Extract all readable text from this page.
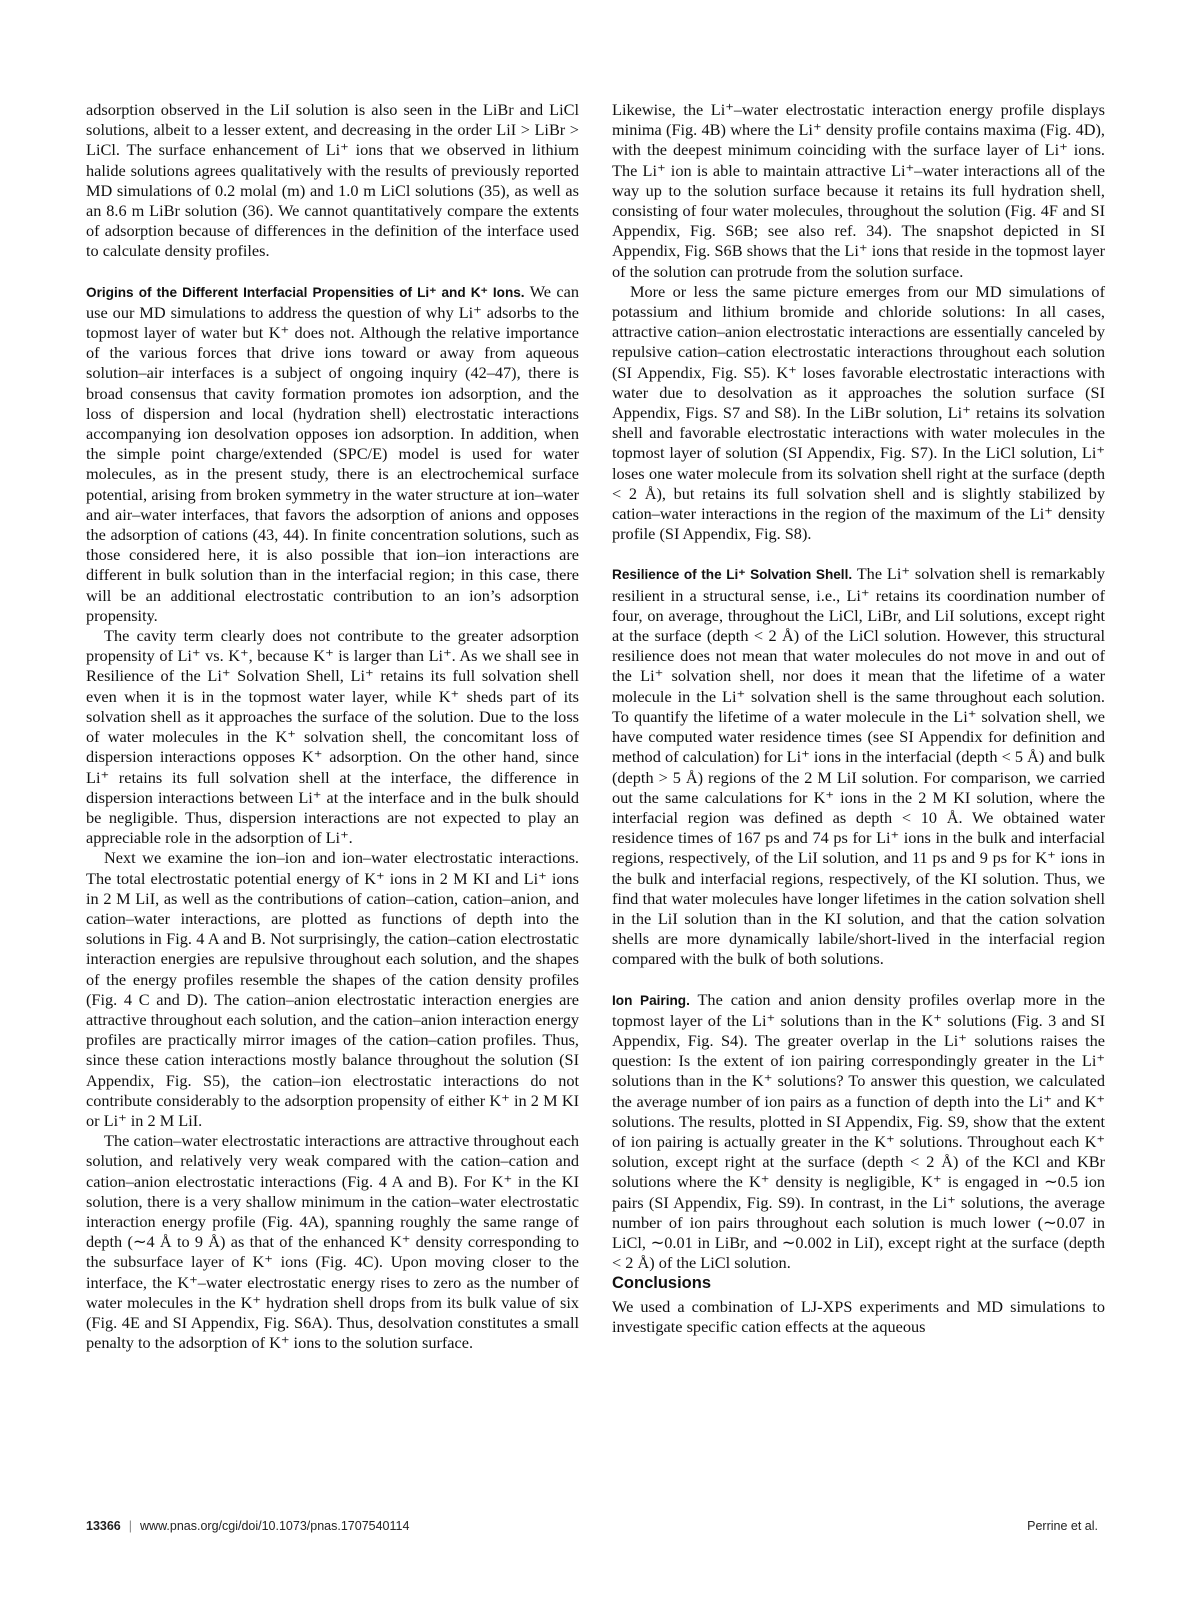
adsorption observed in the LiI solution is also seen in the LiBr and LiCl solutions, albeit to a lesser extent, and decreasing in the order LiI > LiBr > LiCl. The surface enhancement of Li⁺ ions that we observed in lithium halide solutions agrees qualitatively with the results of previously reported MD simulations of 0.2 molal (m) and 1.0 m LiCl solutions (35), as well as an 8.6 m LiBr solution (36). We cannot quantitatively compare the extents of adsorption because of differences in the definition of the interface used to calculate density profiles.

Origins of the Different Interfacial Propensities of Li⁺ and K⁺ Ions. We can use our MD simulations to address the question of why Li⁺ adsorbs to the topmost layer of water but K⁺ does not. Although the relative importance of the various forces that drive ions toward or away from aqueous solution–air interfaces is a subject of ongoing inquiry (42–47), there is broad consensus that cavity formation promotes ion adsorption, and the loss of dispersion and local (hydration shell) electrostatic interactions accompanying ion desolvation opposes ion adsorption. In addition, when the simple point charge/extended (SPC/E) model is used for water molecules, as in the present study, there is an electrochemical surface potential, arising from broken symmetry in the water structure at ion–water and air–water interfaces, that favors the adsorption of anions and opposes the adsorption of cations (43, 44). In finite concentration solutions, such as those considered here, it is also possible that ion–ion interactions are different in bulk solution than in the interfacial region; in this case, there will be an additional electrostatic contribution to an ion’s adsorption propensity.

The cavity term clearly does not contribute to the greater adsorption propensity of Li⁺ vs. K⁺, because K⁺ is larger than Li⁺. As we shall see in Resilience of the Li⁺ Solvation Shell, Li⁺ retains its full solvation shell even when it is in the topmost water layer, while K⁺ sheds part of its solvation shell as it approaches the surface of the solution. Due to the loss of water molecules in the K⁺ solvation shell, the concomitant loss of dispersion interactions opposes K⁺ adsorption. On the other hand, since Li⁺ retains its full solvation shell at the interface, the difference in dispersion interactions between Li⁺ at the interface and in the bulk should be negligible. Thus, dispersion interactions are not expected to play an appreciable role in the adsorption of Li⁺.

Next we examine the ion–ion and ion–water electrostatic interactions. The total electrostatic potential energy of K⁺ ions in 2 M KI and Li⁺ ions in 2 M LiI, as well as the contributions of cation–cation, cation–anion, and cation–water interactions, are plotted as functions of depth into the solutions in Fig. 4 A and B. Not surprisingly, the cation–cation electrostatic interaction energies are repulsive throughout each solution, and the shapes of the energy profiles resemble the shapes of the cation density profiles (Fig. 4 C and D). The cation–anion electrostatic interaction energies are attractive throughout each solution, and the cation–anion interaction energy profiles are practically mirror images of the cation–cation profiles. Thus, since these cation interactions mostly balance throughout the solution (SI Appendix, Fig. S5), the cation–ion electrostatic interactions do not contribute considerably to the adsorption propensity of either K⁺ in 2 M KI or Li⁺ in 2 M LiI.

The cation–water electrostatic interactions are attractive throughout each solution, and relatively very weak compared with the cation–cation and cation–anion electrostatic interactions (Fig. 4 A and B). For K⁺ in the KI solution, there is a very shallow minimum in the cation–water electrostatic interaction energy profile (Fig. 4A), spanning roughly the same range of depth (∼4 Å to 9 Å) as that of the enhanced K⁺ density corresponding to the subsurface layer of K⁺ ions (Fig. 4C). Upon moving closer to the interface, the K⁺–water electrostatic energy rises to zero as the number of water molecules in the K⁺ hydration shell drops from its bulk value of six (Fig. 4E and SI Appendix, Fig. S6A). Thus, desolvation constitutes a small penalty to the adsorption of K⁺ ions to the solution surface.

Likewise, the Li⁺–water electrostatic interaction energy profile displays minima (Fig. 4B) where the Li⁺ density profile contains maxima (Fig. 4D), with the deepest minimum coinciding with the surface layer of Li⁺ ions. The Li⁺ ion is able to maintain attractive Li⁺–water interactions all of the way up to the solution surface because it retains its full hydration shell, consisting of four water molecules, throughout the solution (Fig. 4F and SI Appendix, Fig. S6B; see also ref. 34). The snapshot depicted in SI Appendix, Fig. S6B shows that the Li⁺ ions that reside in the topmost layer of the solution can protrude from the solution surface.

More or less the same picture emerges from our MD simulations of potassium and lithium bromide and chloride solutions: In all cases, attractive cation–anion electrostatic interactions are essentially canceled by repulsive cation–cation electrostatic interactions throughout each solution (SI Appendix, Fig. S5). K⁺ loses favorable electrostatic interactions with water due to desolvation as it approaches the solution surface (SI Appendix, Figs. S7 and S8). In the LiBr solution, Li⁺ retains its solvation shell and favorable electrostatic interactions with water molecules in the topmost layer of solution (SI Appendix, Fig. S7). In the LiCl solution, Li⁺ loses one water molecule from its solvation shell right at the surface (depth < 2 Å), but retains its full solvation shell and is slightly stabilized by cation–water interactions in the region of the maximum of the Li⁺ density profile (SI Appendix, Fig. S8).

Resilience of the Li⁺ Solvation Shell. The Li⁺ solvation shell is remarkably resilient in a structural sense, i.e., Li⁺ retains its coordination number of four, on average, throughout the LiCl, LiBr, and LiI solutions, except right at the surface (depth < 2 Å) of the LiCl solution. However, this structural resilience does not mean that water molecules do not move in and out of the Li⁺ solvation shell, nor does it mean that the lifetime of a water molecule in the Li⁺ solvation shell is the same throughout each solution. To quantify the lifetime of a water molecule in the Li⁺ solvation shell, we have computed water residence times (see SI Appendix for definition and method of calculation) for Li⁺ ions in the interfacial (depth < 5 Å) and bulk (depth > 5 Å) regions of the 2 M LiI solution. For comparison, we carried out the same calculations for K⁺ ions in the 2 M KI solution, where the interfacial region was defined as depth < 10 Å. We obtained water residence times of 167 ps and 74 ps for Li⁺ ions in the bulk and interfacial regions, respectively, of the LiI solution, and 11 ps and 9 ps for K⁺ ions in the bulk and interfacial regions, respectively, of the KI solution. Thus, we find that water molecules have longer lifetimes in the cation solvation shell in the LiI solution than in the KI solution, and that the cation solvation shells are more dynamically labile/short-lived in the interfacial region compared with the bulk of both solutions.

Ion Pairing. The cation and anion density profiles overlap more in the topmost layer of the Li⁺ solutions than in the K⁺ solutions (Fig. 3 and SI Appendix, Fig. S4). The greater overlap in the Li⁺ solutions raises the question: Is the extent of ion pairing correspondingly greater in the Li⁺ solutions than in the K⁺ solutions? To answer this question, we calculated the average number of ion pairs as a function of depth into the Li⁺ and K⁺ solutions. The results, plotted in SI Appendix, Fig. S9, show that the extent of ion pairing is actually greater in the K⁺ solutions. Throughout each K⁺ solution, except right at the surface (depth < 2 Å) of the KCl and KBr solutions where the K⁺ density is negligible, K⁺ is engaged in ∼0.5 ion pairs (SI Appendix, Fig. S9). In contrast, in the Li⁺ solutions, the average number of ion pairs throughout each solution is much lower (∼0.07 in LiCl, ∼0.01 in LiBr, and ∼0.002 in LiI), except right at the surface (depth < 2 Å) of the LiCl solution.

Conclusions

We used a combination of LJ-XPS experiments and MD simulations to investigate specific cation effects at the aqueous

13366 | www.pnas.org/cgi/doi/10.1073/pnas.1707540114	Perrine et al.
